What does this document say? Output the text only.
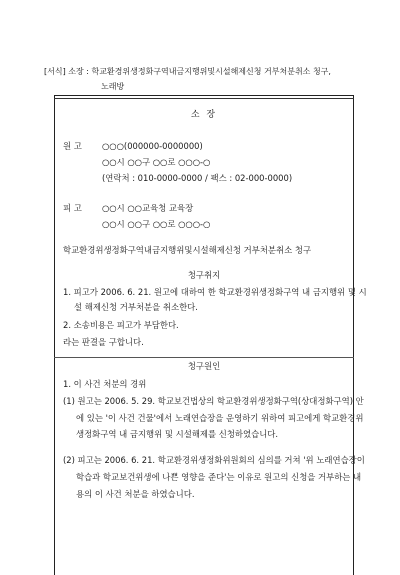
[서식] 소장 : 학교환경위생정화구역내금지행위및시설해제신청 거부처분취소 청구,
노래방
소 장
원 고 ○○○(000000-0000000)
○○시 ○○구 ○○로 ○○○-○
(연락처 : 010-0000-0000 / 팩스 : 02-000-0000)
피 고 ○○시 ○○교육청 교육장
○○시 ○○구 ○○로 ○○○-○
학교환경위생정화구역내금지행위및시설해제신청 거부처분취소 청구
청구취지
1. 피고가 2006. 6. 21. 원고에 대하여 한 학교환경위생정화구역 내 금지행위 및 시
설 해제신청 거부처분을 취소한다.
2. 소송비용은 피고가 부담한다.
라는 판결을 구합니다.
청구원인
1. 이 사건 처분의 경위
(1) 원고는 2006. 5. 29. 학교보건법상의 학교환경위생정화구역(상대정화구역) 안
에 있는 '이 사건 건물'에서 노래연습장을 운영하기 위하여 피고에게 학교환경위
생정화구역 내 금지행위 및 시설해제를 신청하였습니다.
(2) 피고는 2006. 6. 21. 학교환경위생정화위원회의 심의를 거쳐 '위 노래연습장이
학습과 학교보건위생에 나쁜 영향을 준다'는 이유로 원고의 신청을 거부하는 내
용의 이 사건 처분을 하였습니다.
